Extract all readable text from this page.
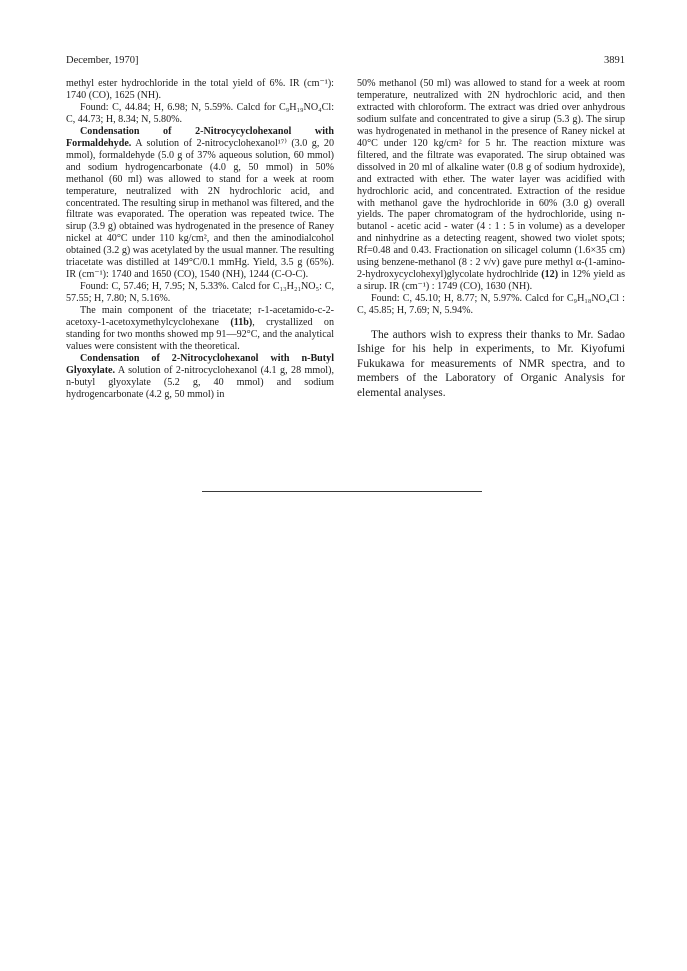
December, 1970]	3891

methyl ester hydrochloride in the total yield of 6%. IR (cm⁻¹): 1740 (CO), 1625 (NH).

Found: C, 44.84; H, 6.98; N, 5.59%. Calcd for C₉H₁₉NO₄Cl: C, 44.73; H, 8.34; N, 5.80%.

Condensation of 2-Nitrocycyclohexanol with Formaldehyde. A solution of 2-nitrocyclohexanol¹⁷⁾ (3.0 g, 20 mmol), formaldehyde (5.0 g of 37% aqueous solution, 60 mmol) and sodium hydrogencarbonate (4.0 g, 50 mmol) in 50% methanol (60 ml) was allowed to stand for a week at room temperature, neutralized with 2N hydrochloric acid, and concentrated. The resulting sirup in methanol was filtered, and the filtrate was evaporated. The operation was repeated twice. The sirup (3.9 g) obtained was hydrogenated in the presence of Raney nickel at 40°C under 110 kg/cm², and then the aminodialcohol obtained (3.2 g) was acetylated by the usual manner. The resulting triacetate was distilled at 149°C/0.1 mmHg. Yield, 3.5 g (65%). IR (cm⁻¹): 1740 and 1650 (CO), 1540 (NH), 1244 (C-O-C).

Found: C, 57.46; H, 7.95; N, 5.33%. Calcd for C₁₃H₂₁NO₅: C, 57.55; H, 7.80; N, 5.16%.

The main component of the triacetate; r-1-acetamido-c-2-acetoxy-1-acetoxymethylcyclohexane (11b), crystallized on standing for two months showed mp 91—92°C, and the analytical values were consistent with the theoretical.

Condensation of 2-Nitrocyclohexanol with n-Butyl Glyoxylate. A solution of 2-nitrocyclohexanol (4.1 g, 28 mmol), n-butyl glyoxylate (5.2 g, 40 mmol) and sodium hydrogencarbonate (4.2 g, 50 mmol) in

50% methanol (50 ml) was allowed to stand for a week at room temperature, neutralized with 2N hydrochloric acid, and then extracted with chloroform. The extract was dried over anhydrous sodium sulfate and concentrated to give a sirup (5.3 g). The sirup was hydrogenated in methanol in the presence of Raney nickel at 40°C under 120 kg/cm² for 5 hr. The reaction mixture was filtered, and the filtrate was evaporated. The sirup obtained was dissolved in 20 ml of alkaline water (0.8 g of sodium hydroxide), and extracted with ether. The water layer was acidified with hydrochloric acid, and concentrated. Extraction of the residue with methanol gave the hydrochloride in 60% (3.0 g) overall yields. The paper chromatogram of the hydrochloride, using n-butanol - acetic acid - water (4 : 1 : 5 in volume) as a developer and ninhydrine as a detecting reagent, showed two violet spots; Rf=0.48 and 0.43. Fractionation on silicagel column (1.6×35 cm) using benzene-methanol (8 : 2 v/v) gave pure methyl α-(1-amino-2-hydroxycyclohexyl)glycolate hydrochlride (12) in 12% yield as a sirup. IR (cm⁻¹) : 1749 (CO), 1630 (NH).

Found: C, 45.10; H, 8.77; N, 5.97%. Calcd for C₉H₁₈NO₄Cl : C, 45.85; H, 7.69; N, 5.94%.

The authors wish to express their thanks to Mr. Sadao Ishige for his help in experiments, to Mr. Kiyofumi Fukukawa for measurements of NMR spectra, and to members of the Laboratory of Organic Analysis for elemental analyses.
